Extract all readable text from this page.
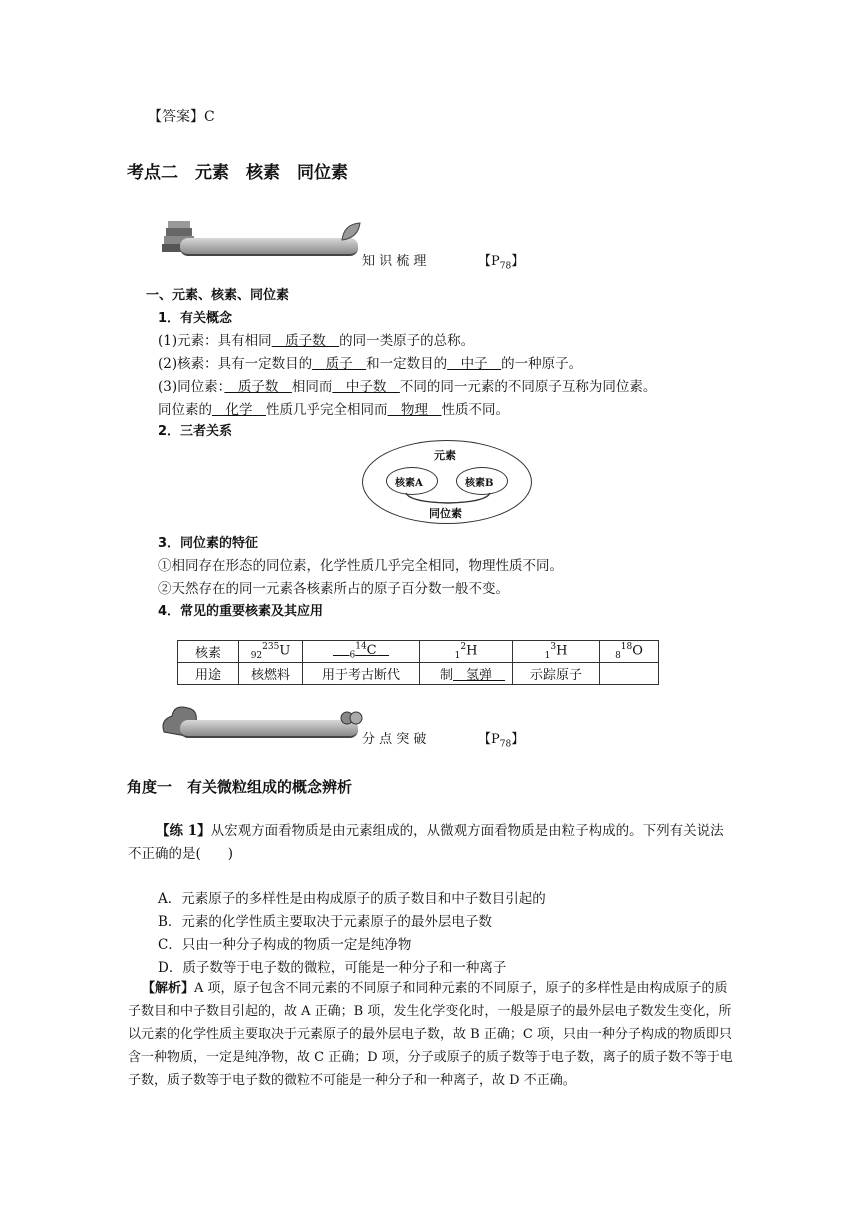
【答案】C
考点二　元素　核素　同位素
知 识 梳 理	【$P_{78}$】
一、元素、核素、同位素
1．有关概念
(1)元素：具有相同　质子数　的同一类原子的总称。
(2)核素：具有一定数目的　质子　和一定数目的　中子　的一种原子。
(3)同位素：　质子数　相同而　中子数　不同的同一元素的不同原子互称为同位素。
同位素的　化学　性质几乎完全相同而　物理　性质不同。
2．三者关系
元素
核素A	核素B
同位素
3．同位素的特征
①相同存在形态的同位素，化学性质几乎完全相同，物理性质不同。
②天然存在的同一元素各核素所占的原子百分数一般不变。
4．常见的重要核素及其应用
核素	$_{92}^{235}$U	$_6^{14}$C	$_1^2$H	$_1^3$H	$_8^{18}$O
用途	核燃料	用于考古断代	制　氢弹　	示踪原子	
分 点 突 破	【$P_{78}$】
角度一　有关微粒组成的概念辨析
【练 1】从宏观方面看物质是由元素组成的，从微观方面看物质是由粒子构成的。下列有关说法不正确的是(　　)
A．元素原子的多样性是由构成原子的质子数目和中子数目引起的
B．元素的化学性质主要取决于元素原子的最外层电子数
C．只由一种分子构成的物质一定是纯净物
D．质子数等于电子数的微粒，可能是一种分子和一种离子
【解析】A 项，原子包含不同元素的不同原子和同种元素的不同原子，原子的多样性是由构成原子的质子数目和中子数目引起的，故 A 正确；B 项，发生化学变化时，一般是原子的最外层电子数发生变化，所以元素的化学性质主要取决于元素原子的最外层电子数，故 B 正确；C 项，只由一种分子构成的物质即只含一种物质，一定是纯净物，故 C 正确；D 项，分子或原子的质子数等于电子数，离子的质子数不等于电子数，质子数等于电子数的微粒不可能是一种分子和一种离子，故 D 不正确。
